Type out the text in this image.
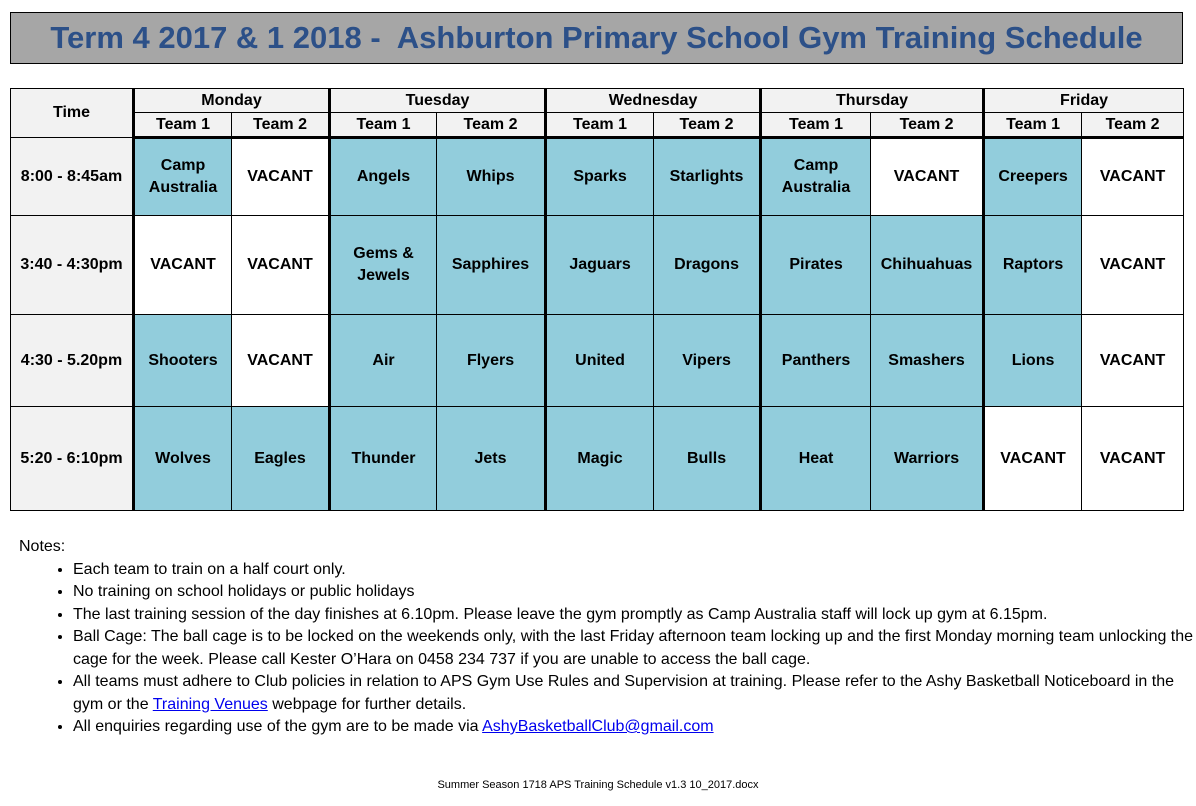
Term 4 2017 & 1 2018 -  Ashburton Primary School Gym Training Schedule
Time	Monday		Tuesday		Wednesday		Thursday		Friday	
	Team 1	Team 2	Team 1	Team 2	Team 1	Team 2	Team 1	Team 2	Team 1	Team 2
8:00 - 8:45am	Camp Australia	VACANT	Angels	Whips	Sparks	Starlights	Camp Australia	VACANT	Creepers	VACANT
3:40 - 4:30pm	VACANT	VACANT	Gems & Jewels	Sapphires	Jaguars	Dragons	Pirates	Chihuahuas	Raptors	VACANT
4:30 - 5.20pm	Shooters	VACANT	Air	Flyers	United	Vipers	Panthers	Smashers	Lions	VACANT
5:20 - 6:10pm	Wolves	Eagles	Thunder	Jets	Magic	Bulls	Heat	Warriors	VACANT	VACANT
Notes:
• Each team to train on a half court only.
• No training on school holidays or public holidays
• The last training session of the day finishes at 6.10pm. Please leave the gym promptly as Camp Australia staff will lock up gym at 6.15pm.
• Ball Cage: The ball cage is to be locked on the weekends only, with the last Friday afternoon team locking up and the first Monday morning team unlocking the cage for the week. Please call Kester O’Hara on 0458 234 737 if you are unable to access the ball cage.
• All teams must adhere to Club policies in relation to APS Gym Use Rules and Supervision at training. Please refer to the Ashy Basketball Noticeboard in the gym or the Training Venues webpage for further details.
• All enquiries regarding use of the gym are to be made via AshyBasketballClub@gmail.com
Summer Season 1718 APS Training Schedule v1.3 10_2017.docx
